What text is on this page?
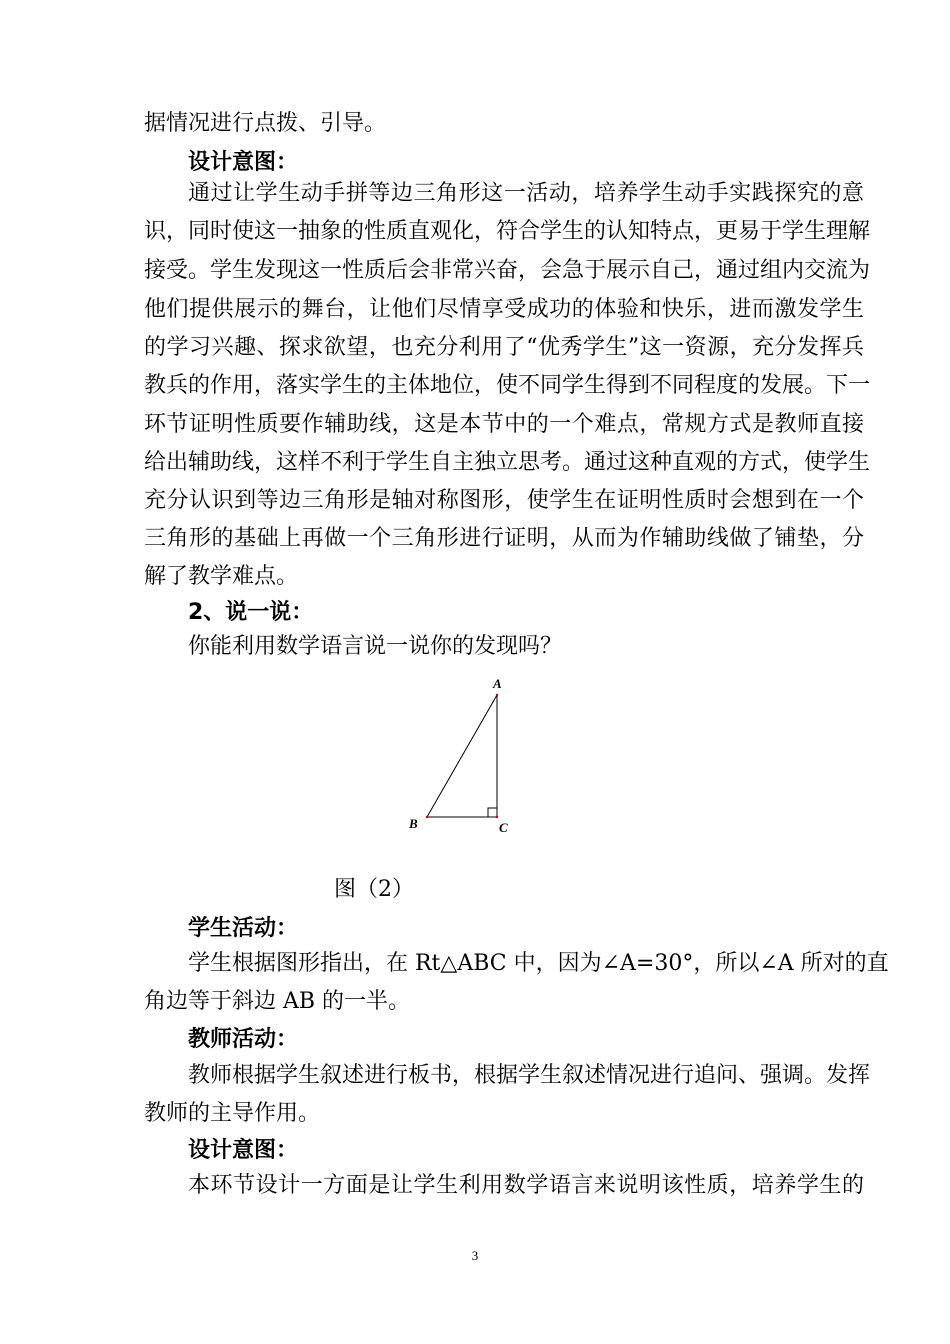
据情况进行点拨、引导。
设计意图：
通过让学生动手拼等边三角形这一活动，培养学生动手实践探究的意
识，同时使这一抽象的性质直观化，符合学生的认知特点，更易于学生理解
接受。学生发现这一性质后会非常兴奋，会急于展示自己，通过组内交流为
他们提供展示的舞台，让他们尽情享受成功的体验和快乐，进而激发学生
的学习兴趣、探求欲望，也充分利用了“优秀学生”这一资源，充分发挥兵
教兵的作用，落实学生的主体地位，使不同学生得到不同程度的发展。下一
环节证明性质要作辅助线，这是本节中的一个难点，常规方式是教师直接
给出辅助线，这样不利于学生自主独立思考。通过这种直观的方式，使学生
充分认识到等边三角形是轴对称图形，使学生在证明性质时会想到在一个
三角形的基础上再做一个三角形进行证明，从而为作辅助线做了铺垫，分
解了教学难点。
2、说一说：
你能利用数学语言说一说你的发现吗？
A
B	C
图（2）
学生活动：
学生根据图形指出，在 Rt△ABC 中，因为∠A=30°，所以∠A 所对的直
角边等于斜边 AB 的一半。
教师活动：
教师根据学生叙述进行板书，根据学生叙述情况进行追问、强调。发挥
教师的主导作用。
设计意图：
本环节设计一方面是让学生利用数学语言来说明该性质，培养学生的
3
